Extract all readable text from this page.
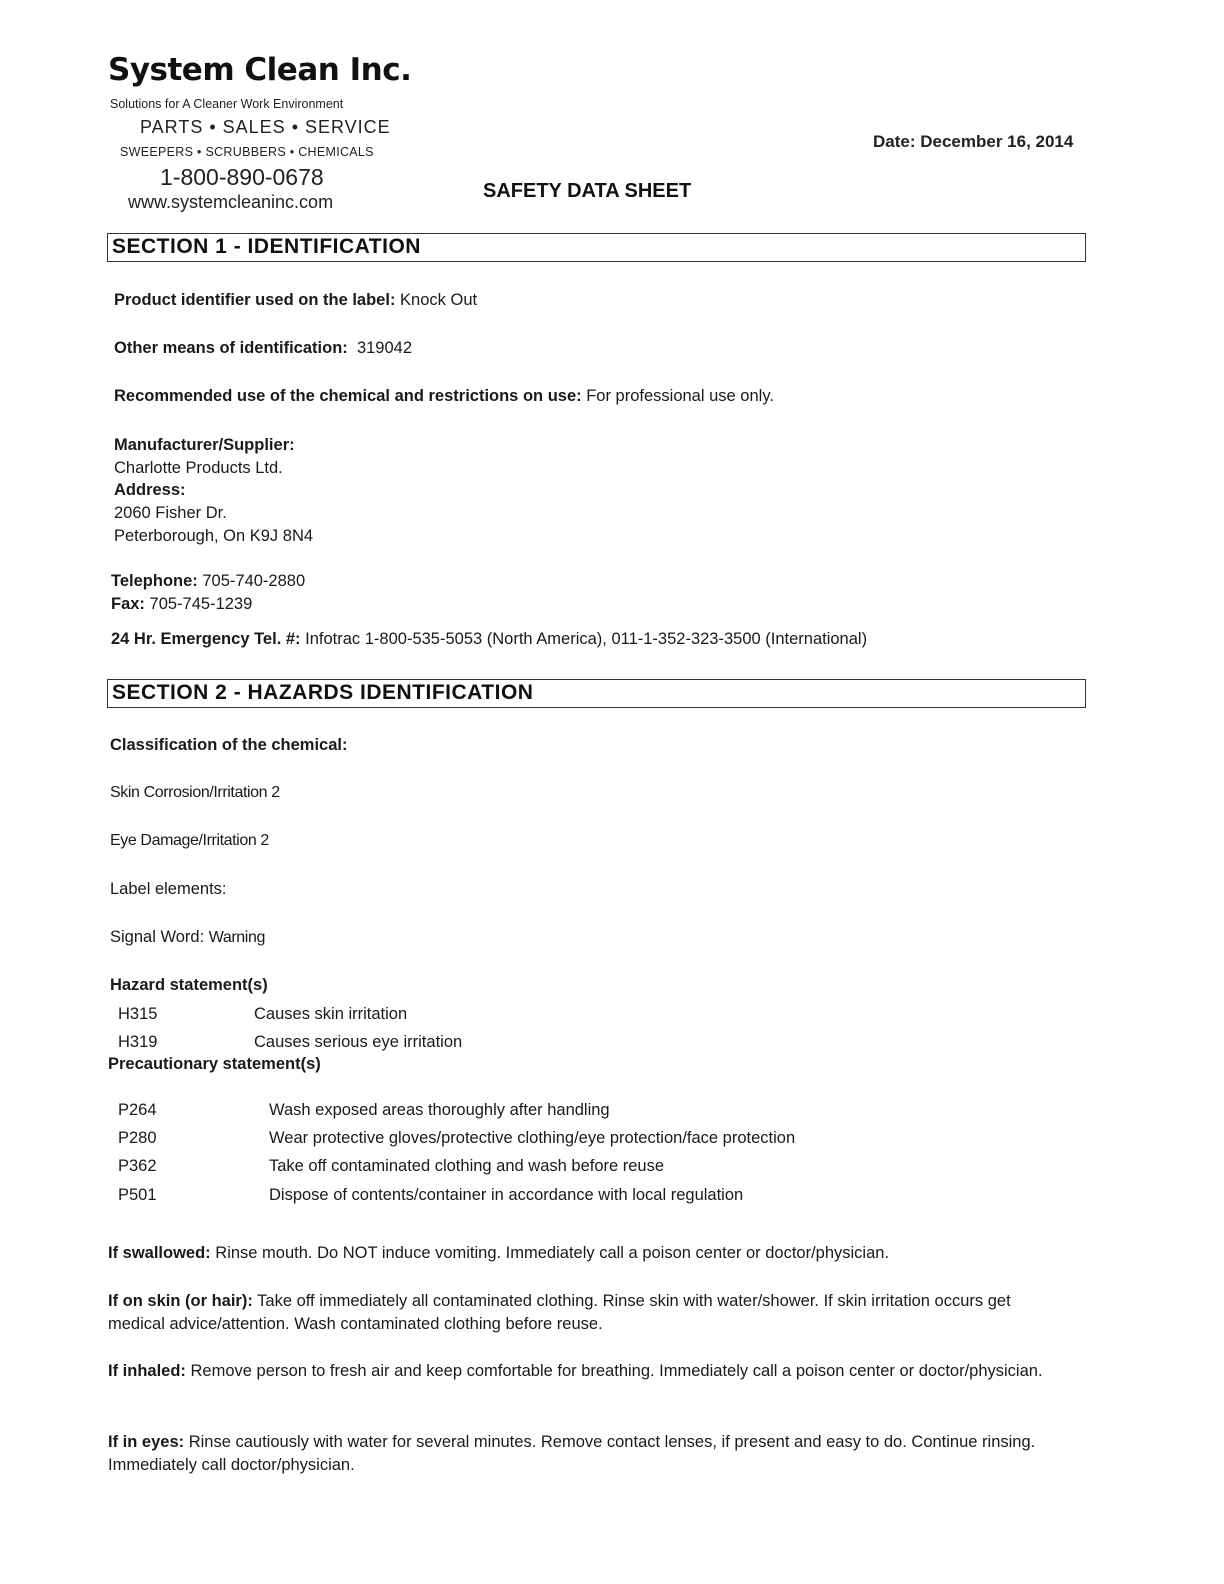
System Clean Inc.
Solutions for A Cleaner Work Environment
PARTS • SALES • SERVICE
SWEEPERS • SCRUBBERS • CHEMICALS
1-800-890-0678
www.systemcleaninc.com
Date: December 16, 2014
SAFETY DATA SHEET
SECTION 1 - IDENTIFICATION
Product identifier used on the label: Knock Out
Other means of identification: 319042
Recommended use of the chemical and restrictions on use: For professional use only.
Manufacturer/Supplier:
Charlotte Products Ltd.
Address:
2060 Fisher Dr.
Peterborough, On K9J 8N4
Telephone: 705-740-2880
Fax: 705-745-1239
24 Hr. Emergency Tel. #: Infotrac 1-800-535-5053 (North America), 011-1-352-323-3500 (International)
SECTION 2 - HAZARDS IDENTIFICATION
Classification of the chemical:
Skin Corrosion/Irritation 2
Eye Damage/Irritation 2
Label elements:
Signal Word: Warning
Hazard statement(s)
H315	Causes skin irritation
H319	Causes serious eye irritation
Precautionary statement(s)
P264	Wash exposed areas thoroughly after handling
P280	Wear protective gloves/protective clothing/eye protection/face protection
P362	Take off contaminated clothing and wash before reuse
P501	Dispose of contents/container in accordance with local regulation
If swallowed: Rinse mouth. Do NOT induce vomiting. Immediately call a poison center or doctor/physician.
If on skin (or hair): Take off immediately all contaminated clothing. Rinse skin with water/shower. If skin irritation occurs get medical advice/attention. Wash contaminated clothing before reuse.
If inhaled: Remove person to fresh air and keep comfortable for breathing. Immediately call a poison center or doctor/physician.
If in eyes: Rinse cautiously with water for several minutes. Remove contact lenses, if present and easy to do. Continue rinsing. Immediately call doctor/physician.
